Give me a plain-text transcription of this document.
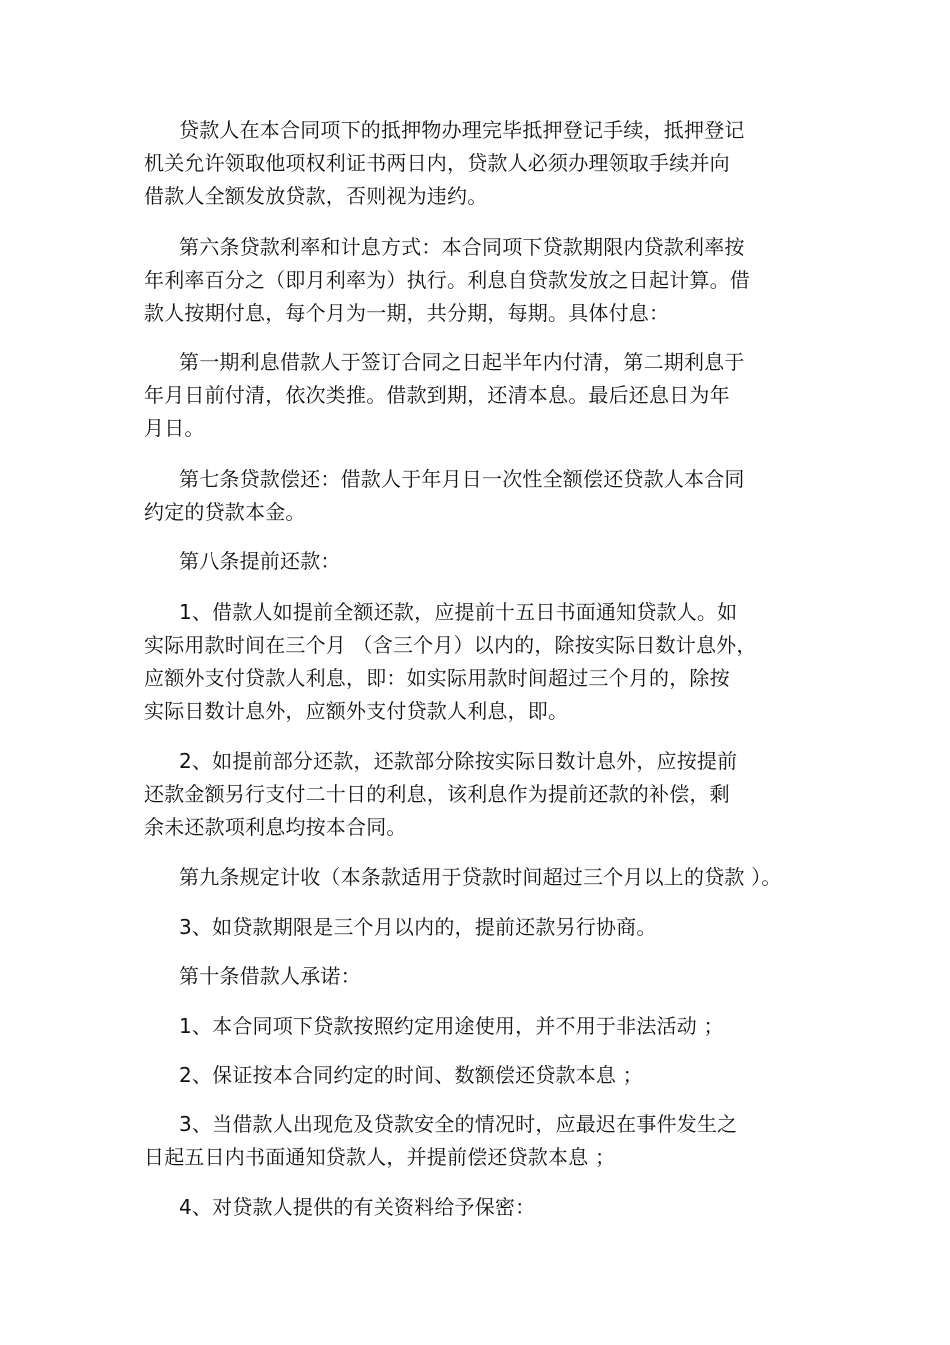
贷款人在本合同项下的抵押物办理完毕抵押登记手续，抵押登记
机关允许领取他项权利证书两日内，贷款人必须办理领取手续并向
借款人全额发放贷款，否则视为违约。
第六条贷款利率和计息方式：本合同项下贷款期限内贷款利率按
年利率百分之（即月利率为）执行。利息自贷款发放之日起计算。借
款人按期付息，每个月为一期，共分期，每期。具体付息：
第一期利息借款人于签订合同之日起半年内付清，第二期利息于
年月日前付清，依次类推。借款到期，还清本息。最后还息日为年
月日。
第七条贷款偿还：借款人于年月日一次性全额偿还贷款人本合同
约定的贷款本金。
第八条提前还款：
1、借款人如提前全额还款，应提前十五日书面通知贷款人。如
实际用款时间在三个月 （含三个月）以内的，除按实际日数计息外，
应额外支付贷款人利息，即：如实际用款时间超过三个月的，除按
实际日数计息外，应额外支付贷款人利息，即。
2、如提前部分还款，还款部分除按实际日数计息外，应按提前
还款金额另行支付二十日的利息，该利息作为提前还款的补偿，剩
余未还款项利息均按本合同。
第九条规定计收（本条款适用于贷款时间超过三个月以上的贷款 ）。
3、如贷款期限是三个月以内的，提前还款另行协商。
第十条借款人承诺：
1、本合同项下贷款按照约定用途使用，并不用于非法活动 ；
2、保证按本合同约定的时间、数额偿还贷款本息 ；
3、当借款人出现危及贷款安全的情况时，应最迟在事件发生之
日起五日内书面通知贷款人，并提前偿还贷款本息 ；
4、对贷款人提供的有关资料给予保密：
